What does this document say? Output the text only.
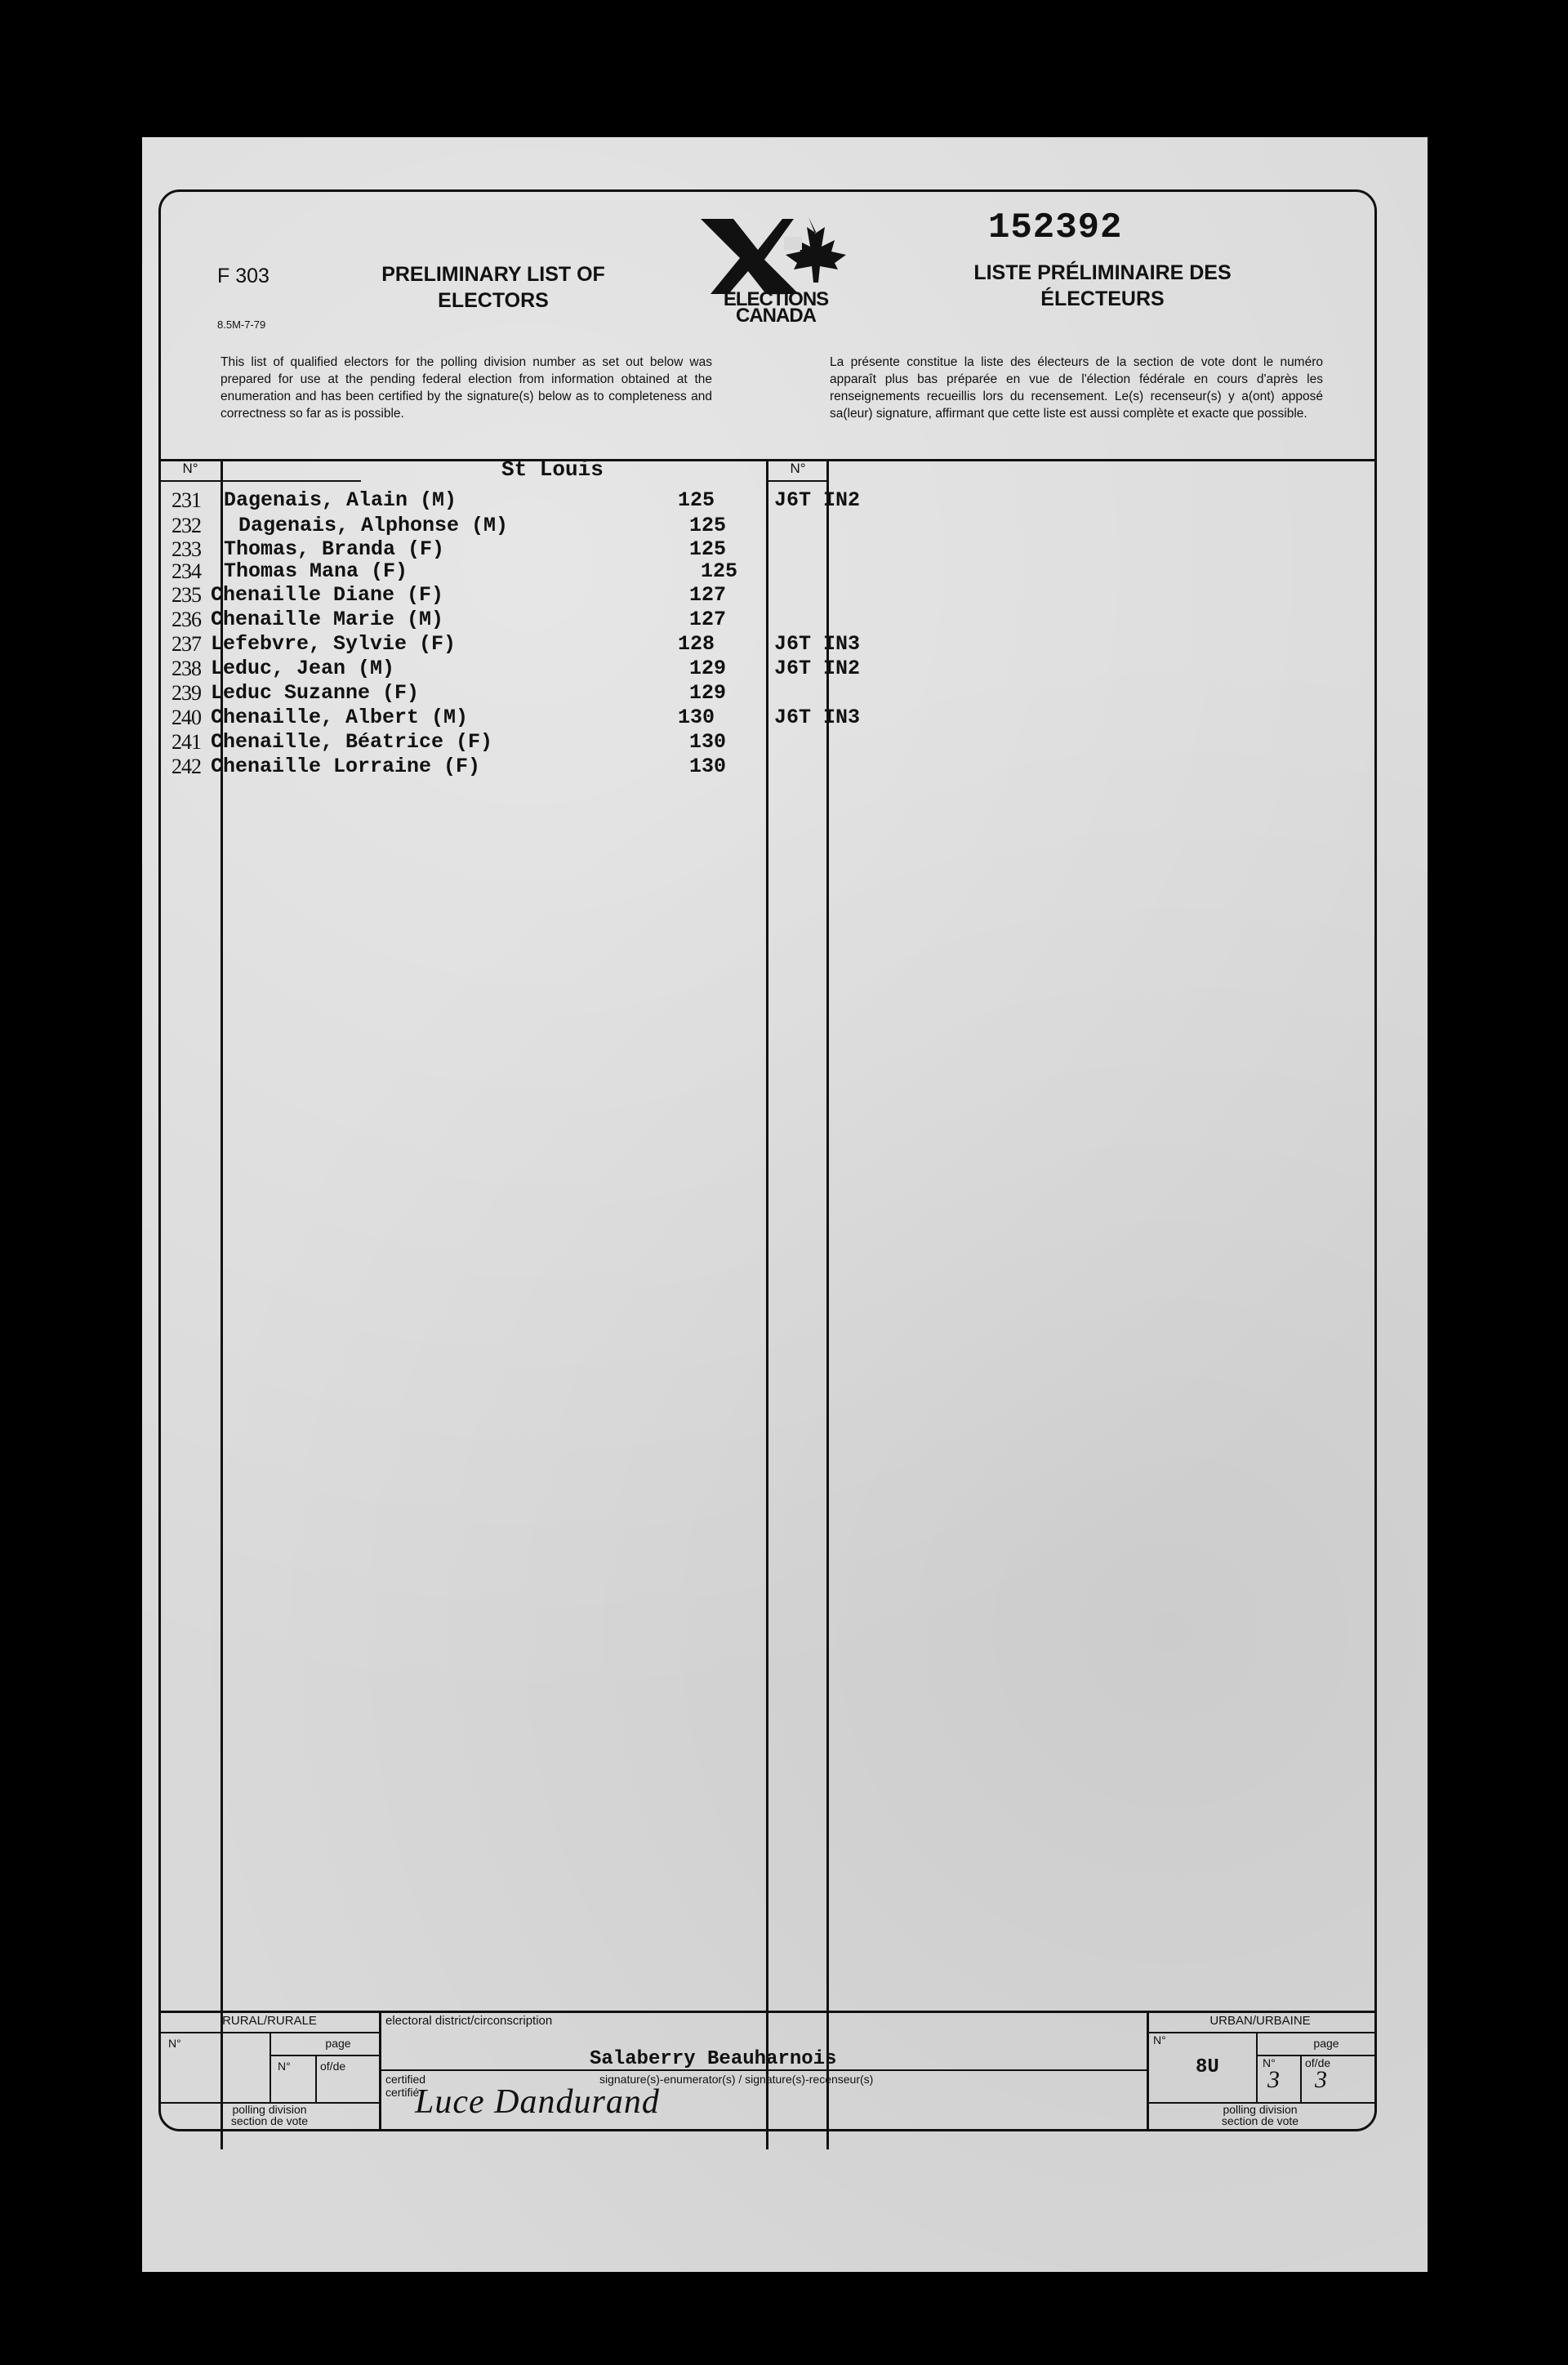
F 303
8.5M-7-79
PRELIMINARY LIST OF
ELECTORS	ELECTIONS
CANADA
152392
LISTE PRÉLIMINAIRE DES
ÉLECTEURS
This list of qualified electors for the polling division number as set out below was prepared for use at the pending federal election from information obtained at the enumeration and has been certified by the signature(s) below as to completeness and correctness so far as is possible.
La présente constitue la liste des électeurs de la section de vote dont le numéro apparaît plus bas préparée en vue de l'élection fédérale en cours d'après les renseignements recueillis lors du recensement. Le(s) recenseur(s) y a(ont) apposé sa(leur) signature, affirmant que cette liste est aussi complète et exacte que possible.
N°	N°
St Louis
231 Dagenais, Alain (M)	125	J6T IN2
232 Dagenais, Alphonse (M)	125
233 Thomas, Branda (F)	125
234 Thomas Mana (F)	125
235 Chenaille Diane (F)	127
236 Chenaille Marie (M)	127
237 Lefebvre, Sylvie (F)	128	J6T IN3
238 Leduc, Jean (M)	129 J6T IN2
239 Leduc Suzanne (F)	129
240 Chenaille, Albert (M)	130	J6T IN3
241 Chenaille, Béatrice (F)	130
242 Chenaille Lorraine (F)	130
RURAL/RURALE
N°	page
N°	of/de
polling division
section de vote
electoral district/circonscription
Salaberry Beauharnois
certified
certifié
signature(s)-enumerator(s) / signature(s)-recenseur(s)
Luce Dandurand
URBAN/URBAINE
N°
8U
page
N°
3
of/de
3
polling division
section de vote
